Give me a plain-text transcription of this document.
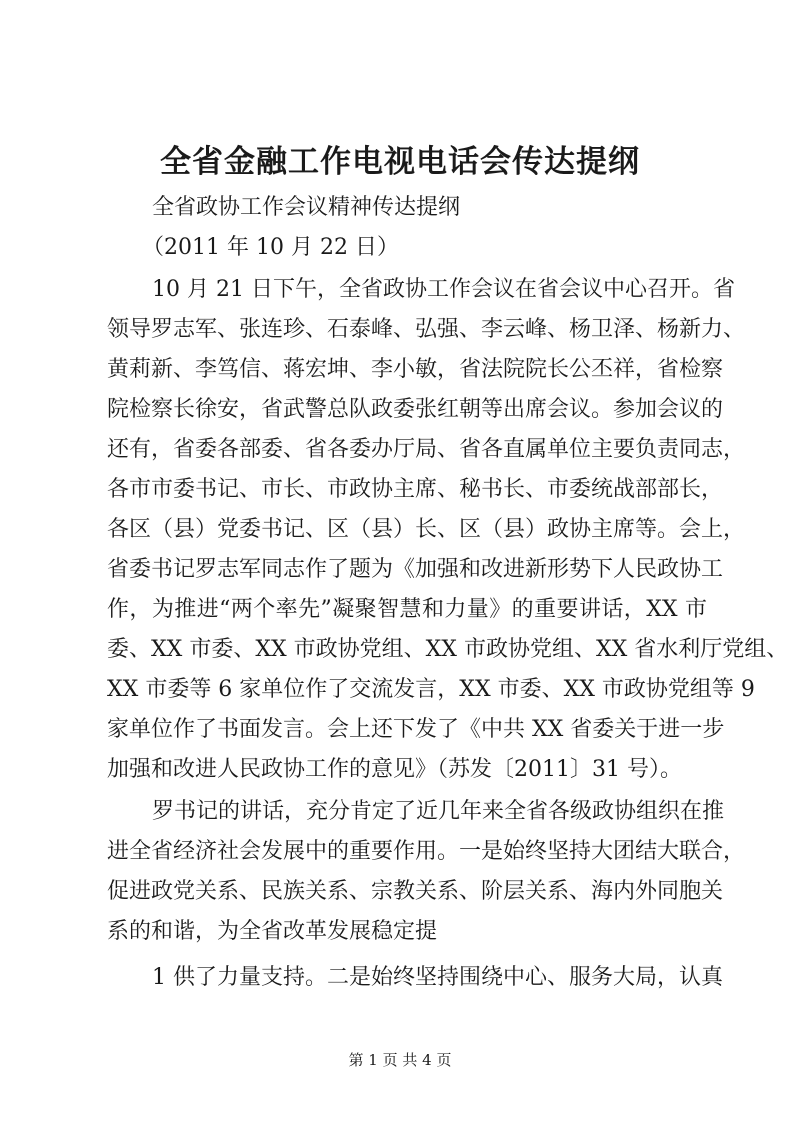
全省金融工作电视电话会传达提纲
全省政协工作会议精神传达提纲
（2011 年 10 月 22 日）
10 月 21 日下午，全省政协工作会议在省会议中心召开。省
领导罗志军、张连珍、石泰峰、弘强、李云峰、杨卫泽、杨新力、
黄莉新、李笃信、蒋宏坤、李小敏，省法院院长公丕祥，省检察
院检察长徐安，省武警总队政委张红朝等出席会议。参加会议的
还有，省委各部委、省各委办厅局、省各直属单位主要负责同志，
各市市委书记、市长、市政协主席、秘书长、市委统战部部长，
各区（县）党委书记、区（县）长、区（县）政协主席等。会上，
省委书记罗志军同志作了题为《加强和改进新形势下人民政协工
作，为推进“两个率先”凝聚智慧和力量》的重要讲话，XX 市
委、XX 市委、XX 市政协党组、XX 市政协党组、XX 省水利厅党组、
XX 市委等 6 家单位作了交流发言，XX 市委、XX 市政协党组等 9
家单位作了书面发言。会上还下发了《中共 XX 省委关于进一步
加强和改进人民政协工作的意见》（苏发〔2011〕31 号）。
罗书记的讲话，充分肯定了近几年来全省各级政协组织在推
进全省经济社会发展中的重要作用。一是始终坚持大团结大联合，
促进政党关系、民族关系、宗教关系、阶层关系、海内外同胞关
系的和谐，为全省改革发展稳定提
1 供了力量支持。二是始终坚持围绕中心、服务大局，认真
第 1 页 共 4 页
